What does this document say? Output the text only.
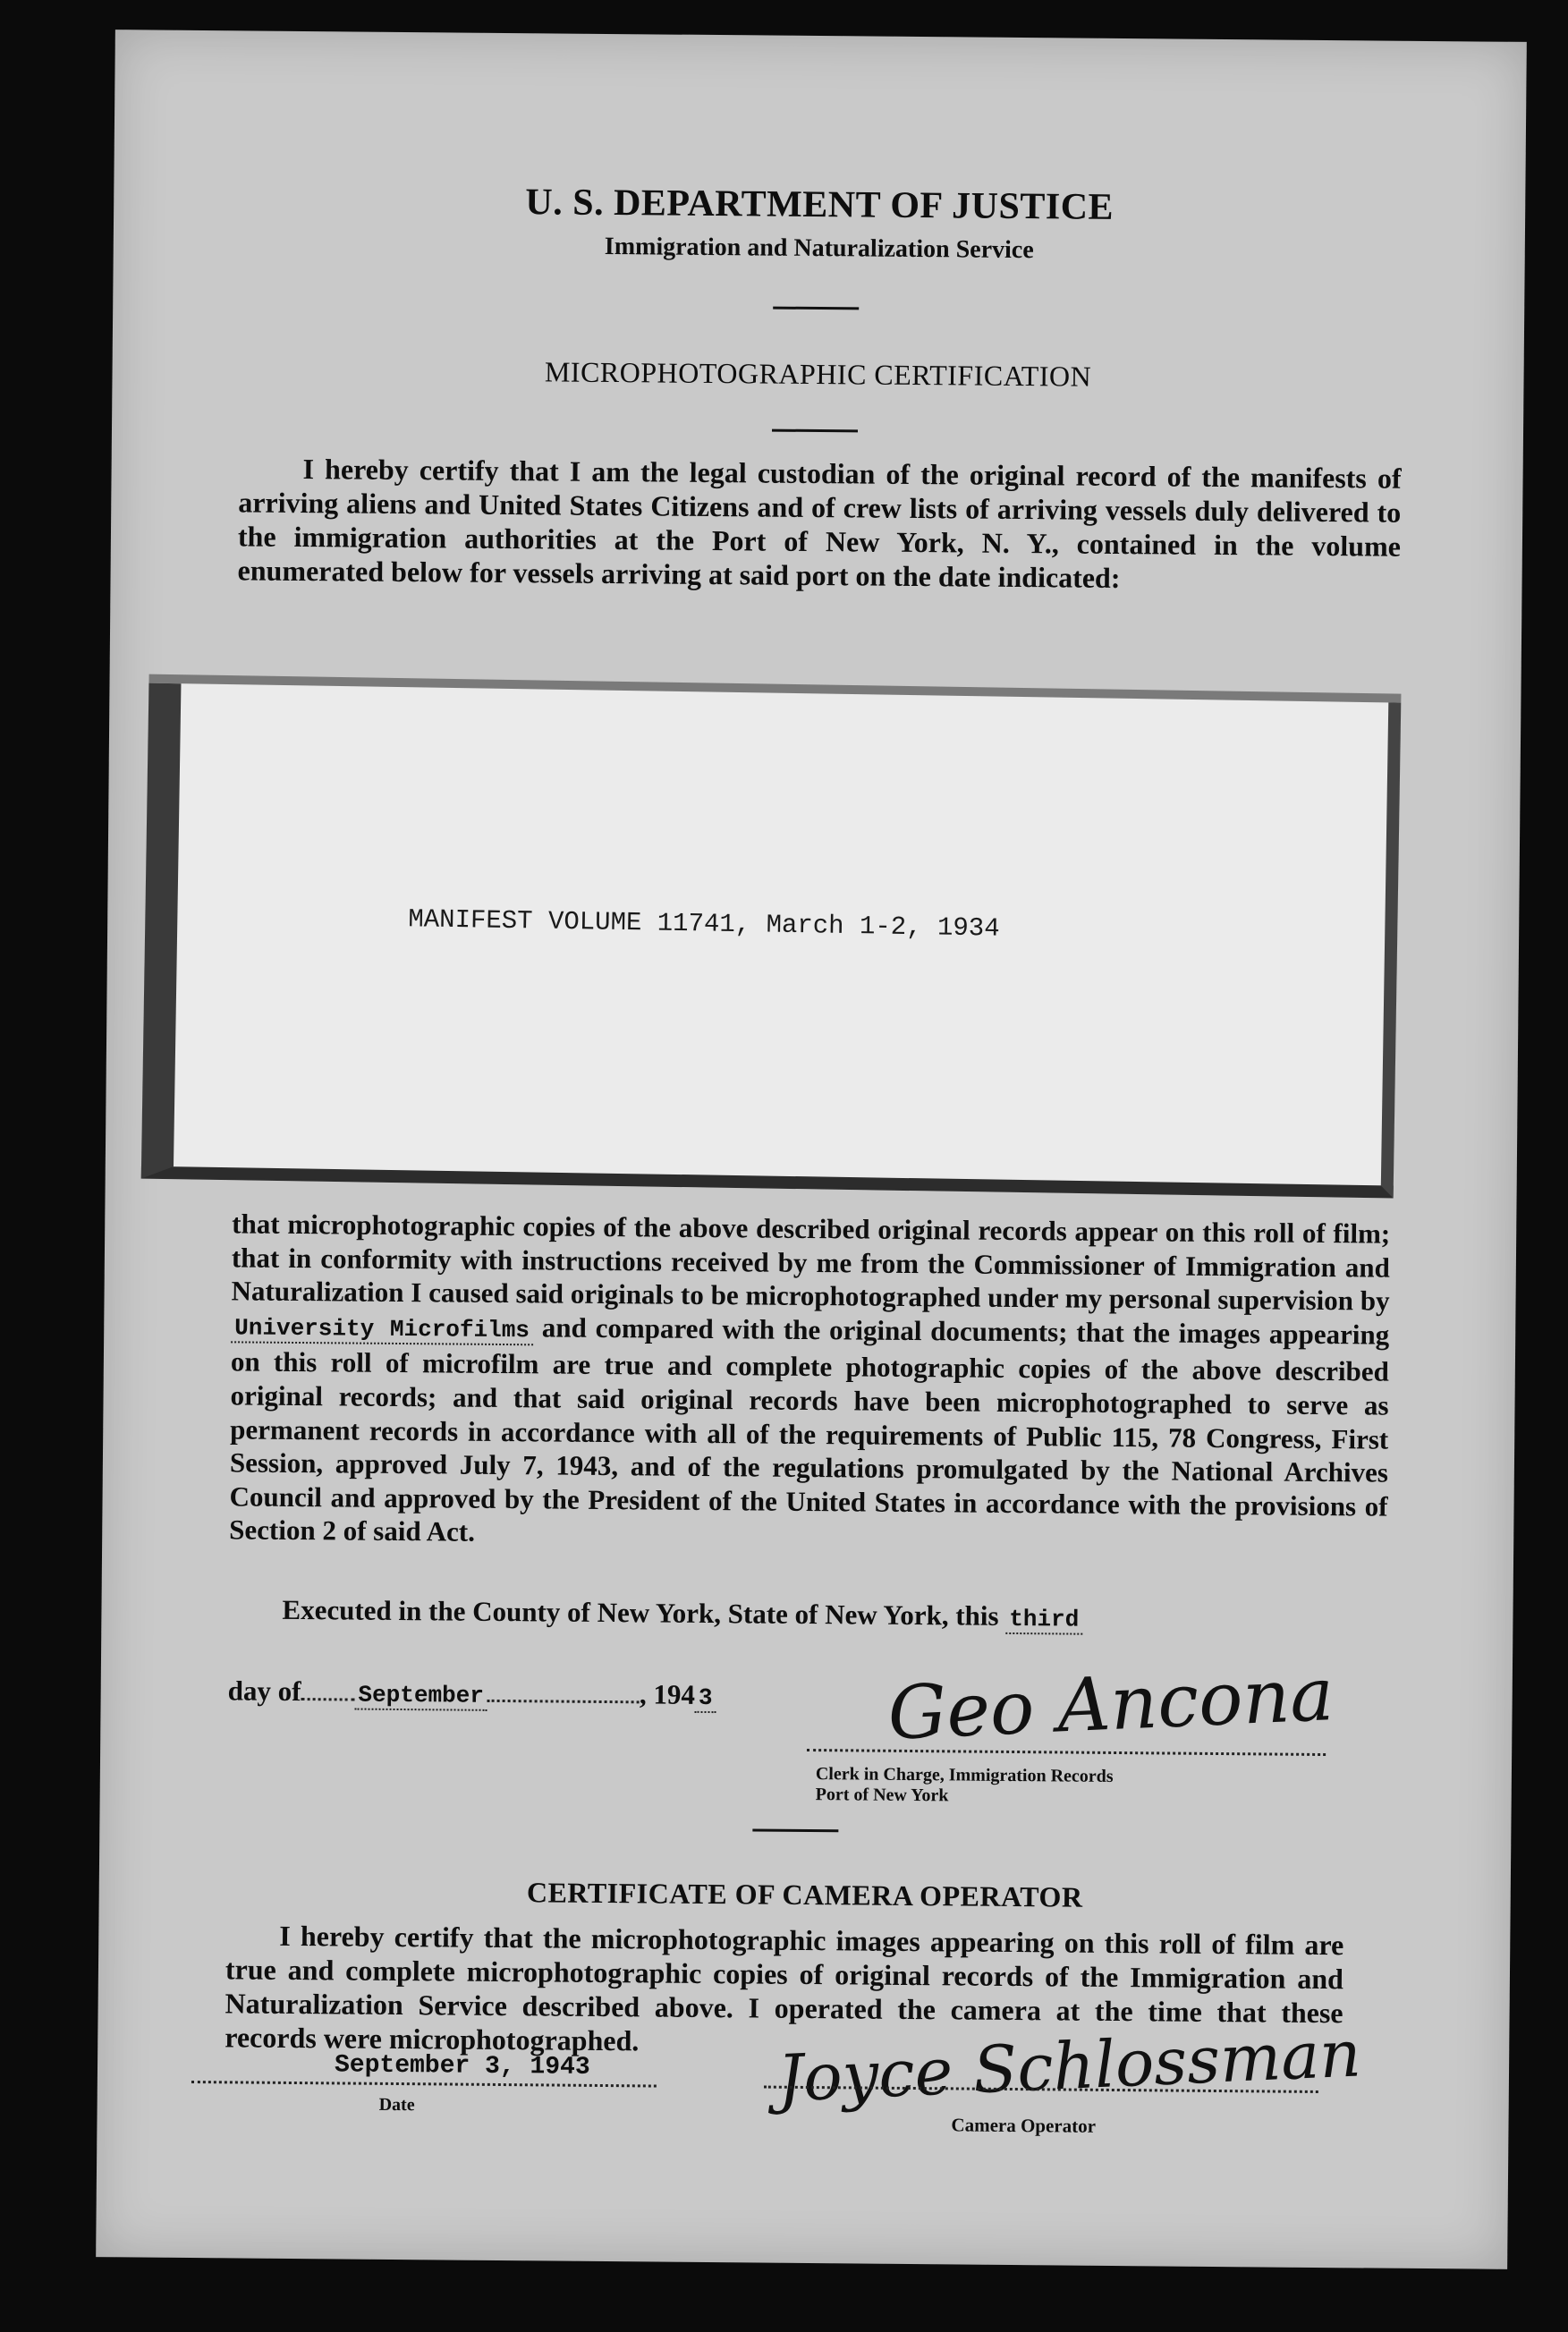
U. S. DEPARTMENT OF JUSTICE
Immigration and Naturalization Service
MICROPHOTOGRAPHIC CERTIFICATION
I hereby certify that I am the legal custodian of the original record of the manifests of arriving aliens and United States Citizens and of crew lists of arriving vessels duly delivered to the immigration authorities at the Port of New York, N. Y., contained in the volume enumerated below for vessels arriving at said port on the date indicated:
MANIFEST VOLUME 11741, March 1-2, 1934
that microphotographic copies of the above described original records appear on this roll of film; that in conformity with instructions received by me from the Commissioner of Immigration and Naturalization I caused said originals to be microphotographed under my personal supervision by University Microfilms and compared with the original documents; that the images appearing on this roll of microfilm are true and complete photographic copies of the above described original records; and that said original records have been microphotographed to serve as permanent records in accordance with all of the requirements of Public 115, 78 Congress, First Session, approved July 7, 1943, and of the regulations promulgated by the National Archives Council and approved by the President of the United States in accordance with the provisions of Section 2 of said Act.
Executed in the County of New York, State of New York, this third
day of September	, 194 3 Geo Ancona
Clerk in Charge, Immigration Records
Port of New York
CERTIFICATE OF CAMERA OPERATOR
I hereby certify that the microphotographic images appearing on this roll of film are true and complete microphotographic copies of original records of the Immigration and Naturalization Service described above. I operated the camera at the time that these records were microphotographed.
September 3, 1943
Date	Joyce Schlossman
Camera Operator
